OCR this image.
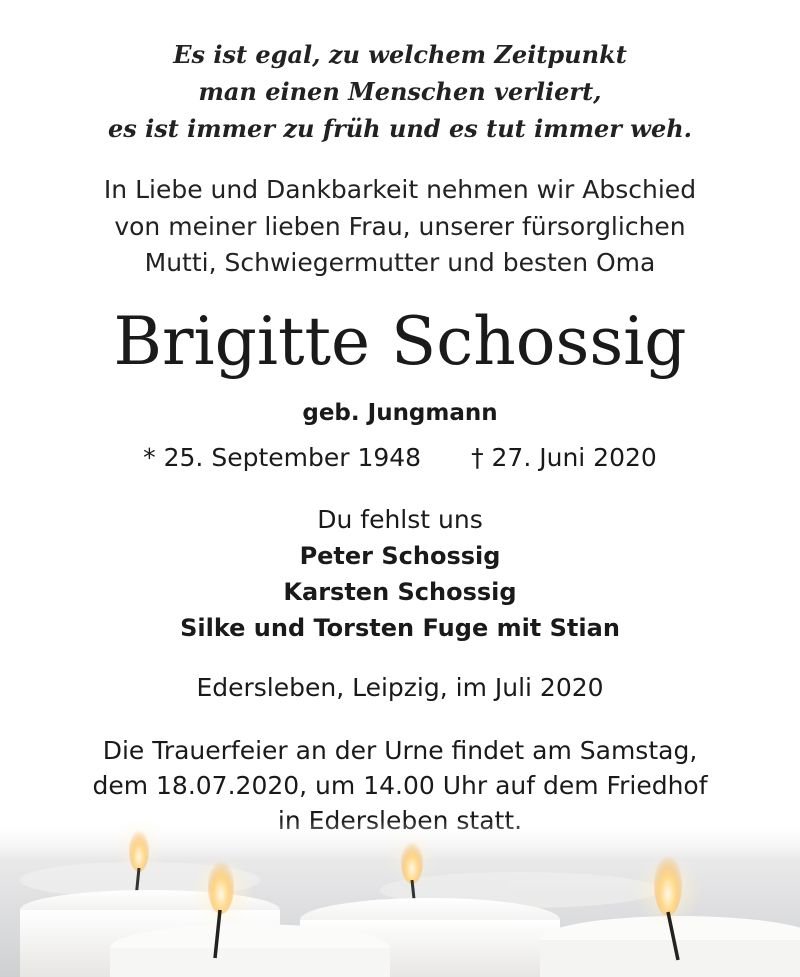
Es ist egal, zu welchem Zeitpunkt
man einen Menschen verliert,
es ist immer zu früh und es tut immer weh.
In Liebe und Dankbarkeit nehmen wir Abschied
von meiner lieben Frau, unserer fürsorglichen
Mutti, Schwiegermutter und besten Oma
Brigitte Schossig
geb. Jungmann
* 25. September 1948 † 27. Juni 2020
Du fehlst uns
Peter Schossig
Karsten Schossig
Silke und Torsten Fuge mit Stian
Edersleben, Leipzig, im Juli 2020
Die Trauerfeier an der Urne findet am Samstag,
dem 18.07.2020, um 14.00 Uhr auf dem Friedhof
